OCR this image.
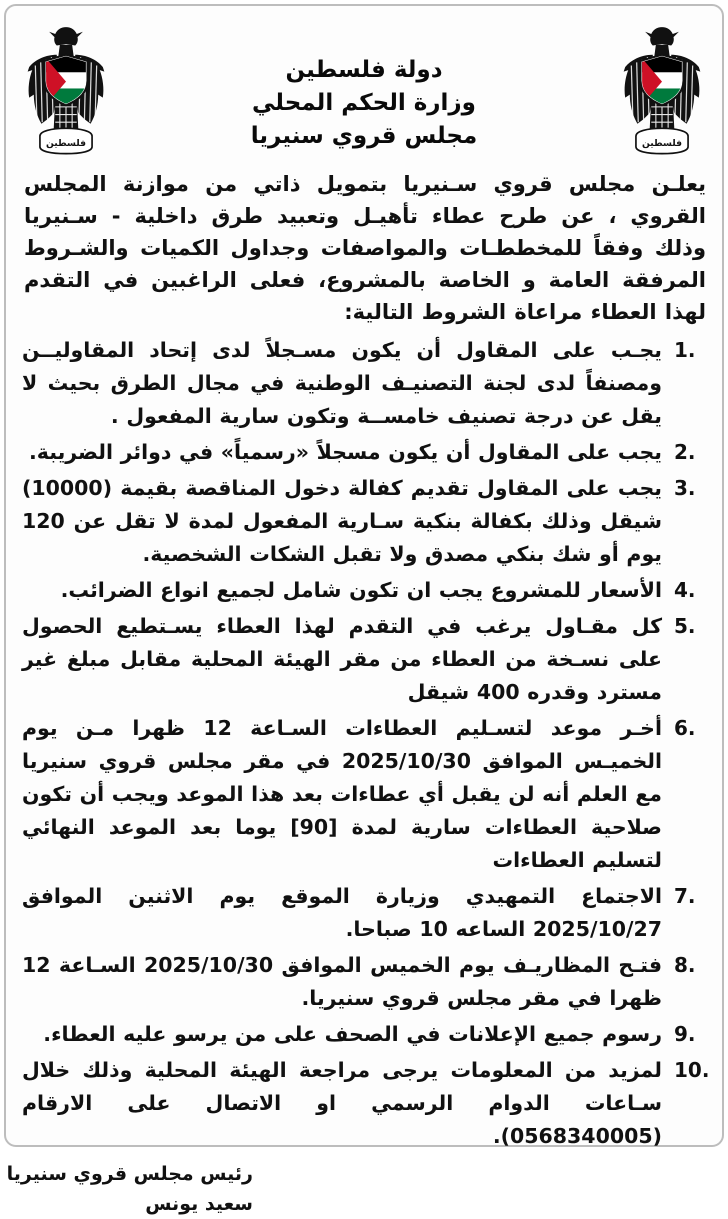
فلسطين
دولة فلسطين
وزارة الحكم المحلي
مجلس قروي سنيريا
فلسطين

يعلـن مجلس قروي سـنيريا بتمويل ذاتي من موازنة المجلس القروي ، عن طرح عطاء تأهيـل وتعبيد طرق داخلية - سـنيريا وذلك وفقاً للمخططـات والمواصفات وجداول الكميات والشـروط المرفقة العامة و الخاصة بالمشروع، فعلى الراغبين في التقدم لهذا العطاء مراعاة الشروط التالية:

1.
يجـب على المقاول أن يكون مسـجلاً لدى إتحاد المقاوليــن ومصنفاً لدى لجنة التصنيـف الوطنية في مجال الطرق بحيث لا يقل عن درجة تصنيف خامســة وتكون سارية المفعول .
2.
يجب على المقاول أن يكون مسجلاً «رسمياً» في دوائر الضريبة.
3.
يجب على المقاول تقديم كفالة دخول المناقصة بقيمة (10000) شيقل وذلك بكفالة بنكية سـارية المفعول لمدة لا تقل عن 120 يوم أو شك بنكي مصدق ولا تقبل الشكات الشخصية.
4.
الأسعار للمشروع يجب ان تكون شامل لجميع انواع الضرائب.
5.
كل مقـاول يرغب في التقدم لهذا العطاء يسـتطيع الحصول على نسـخة من العطاء من مقر الهيئة المحلية مقابل مبلغ غير مسترد وقدره 400 شيقل
6.
أخـر موعد لتسـليم العطاءات السـاعة 12 ظهرا مـن يوم الخميـس الموافق 2025/10/30 في مقر مجلس قروي سنيريا مع العلم أنه لن يقبل أي عطاءات بعد هذا الموعد ويجب أن تكون صلاحية العطاءات سارية لمدة [90] يوما بعد الموعد النهائي لتسليم العطاءات
7.
الاجتماع التمهيدي وزيارة الموقع يوم الاثنين الموافق 2025/10/27 الساعه 10 صباحا.
8.
فتـح المظاريـف يوم الخميس الموافق 2025/10/30 السـاعة 12 ظهرا في مقر مجلس قروي سنيريا.
9.
رسوم جميع الإعلانات في الصحف على من يرسو عليه العطاء.
10.
لمزيد من المعلومات يرجى مراجعة الهيئة المحلية وذلك خلال سـاعات الدوام الرسمي او الاتصال على الارقام (0568340005).
رئيس مجلس قروي سنيريا
سعيد يونس
